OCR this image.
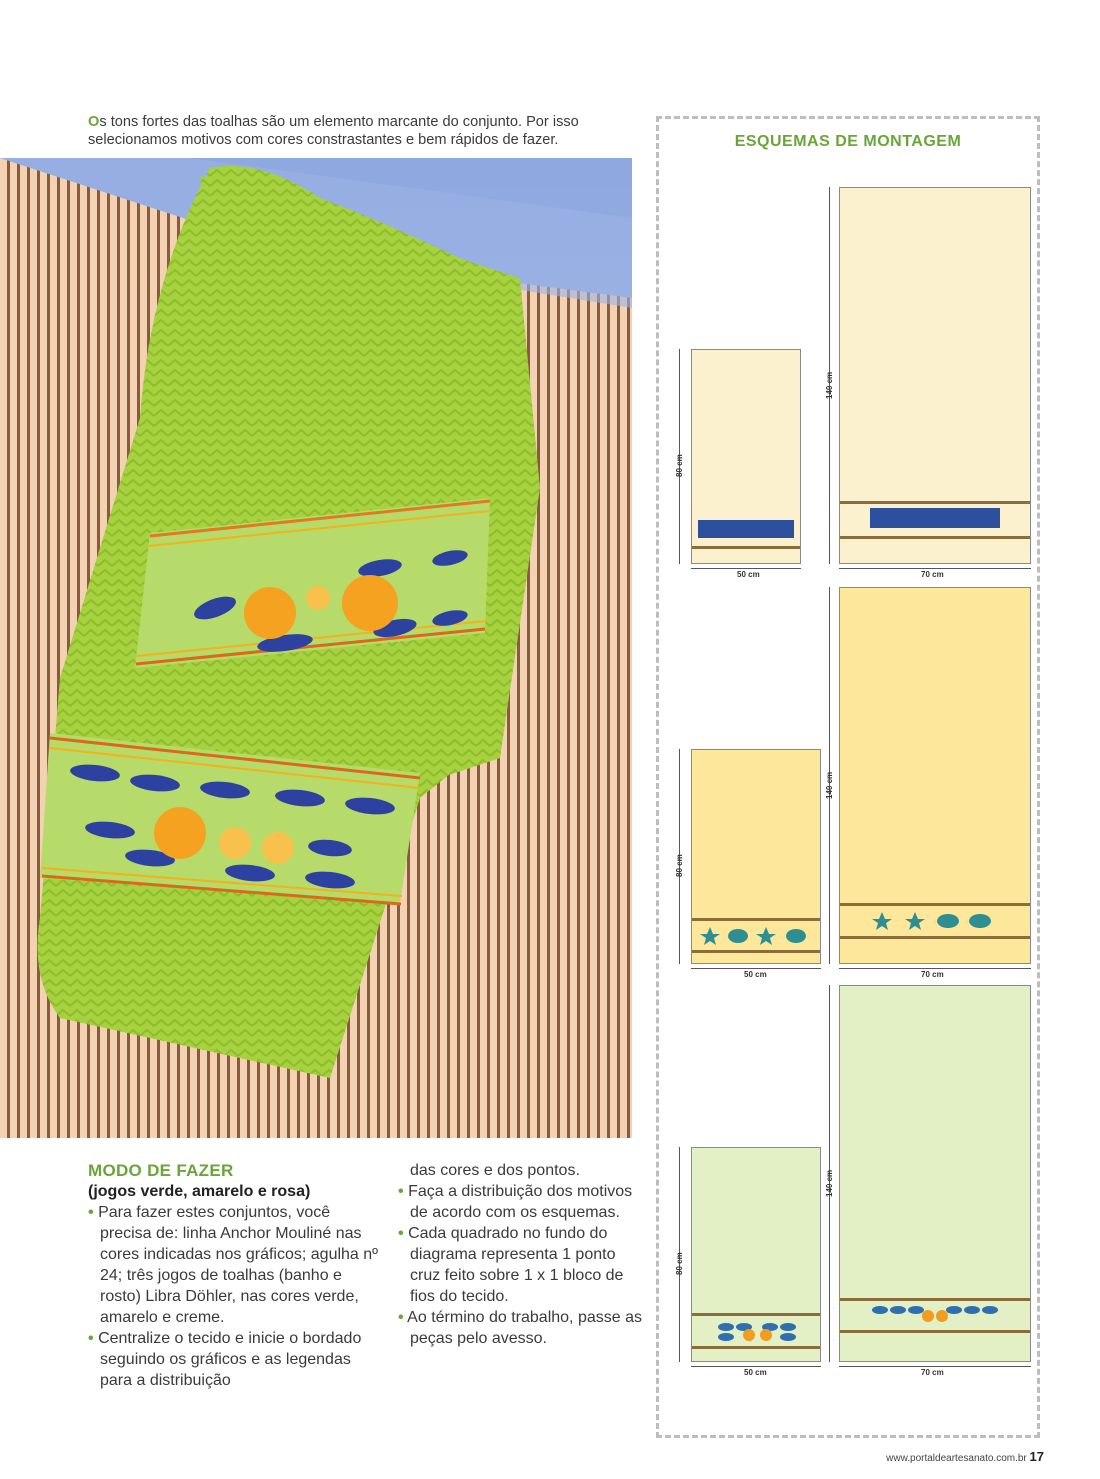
Os tons fortes das toalhas são um elemento marcante do conjunto. Por isso selecionamos motivos com cores constrastantes e bem rápidos de fazer.	ESQUEMAS DE MONTAGEM
80 cm
50 cm
140 cm
70 cm
80 cm
50 cm
140 cm
70 cm
80 cm
50 cm
140 cm
70 cm
MODO DE FAZER
(jogos verde, amarelo e rosa)

• Para fazer estes conjuntos, você precisa de: linha Anchor Mouliné nas cores indicadas nos gráficos; agulha nº 24; três jogos de toalhas (banho e rosto) Libra Döhler, nas cores verde, amarelo e creme.

• Centralize o tecido e inicie o bordado seguindo os gráficos e as legendas para a distribuição

das cores e dos pontos.

• Faça a distribuição dos motivos de acordo com os esquemas.

• Cada quadrado no fundo do diagrama representa 1 ponto cruz feito sobre 1 x 1 bloco de fios do tecido.

• Ao término do trabalho, passe as peças pelo avesso.

www.portaldeartesanato.com.br 17
